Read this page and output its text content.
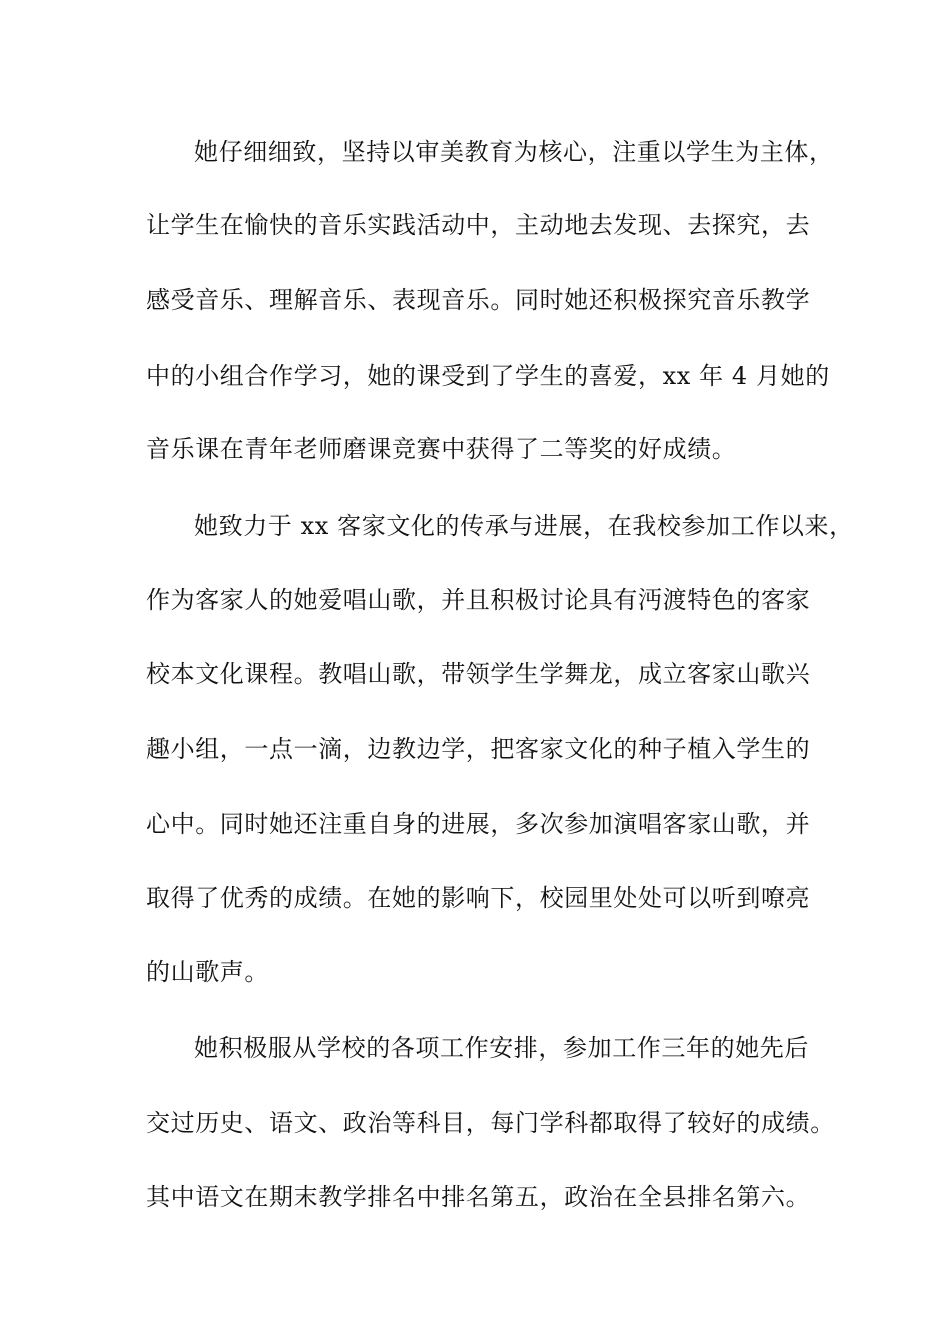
她仔细细致，坚持以审美教育为核心，注重以学生为主体，
让学生在愉快的音乐实践活动中，主动地去发现、去探究，去
感受音乐、理解音乐、表现音乐。同时她还积极探究音乐教学
中的小组合作学习，她的课受到了学生的喜爱，xx 年 4 月她的
音乐课在青年老师磨课竞赛中获得了二等奖的好成绩。
她致力于 xx 客家文化的传承与进展，在我校参加工作以来，
作为客家人的她爱唱山歌，并且积极讨论具有沔渡特色的客家
校本文化课程。教唱山歌，带领学生学舞龙，成立客家山歌兴
趣小组，一点一滴，边教边学，把客家文化的种子植入学生的
心中。同时她还注重自身的进展，多次参加演唱客家山歌，并
取得了优秀的成绩。在她的影响下，校园里处处可以听到嘹亮
的山歌声。
她积极服从学校的各项工作安排，参加工作三年的她先后
交过历史、语文、政治等科目，每门学科都取得了较好的成绩。
其中语文在期末教学排名中排名第五，政治在全县排名第六。
